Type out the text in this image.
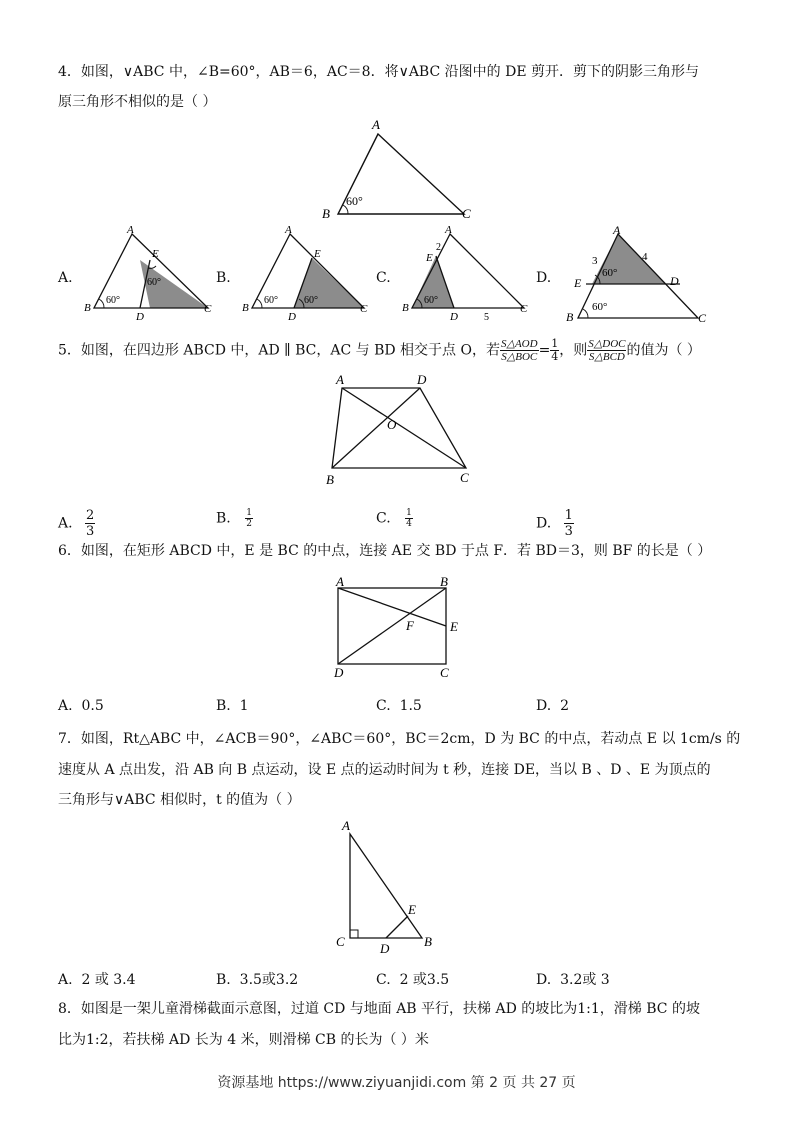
4．如图，∨ABC 中，∠B=60°，AB＝6，AC＝8．将∨ABC 沿图中的 DE 剪开．剪下的阴影三角形与
原三角形不相似的是（ ）
A
B	C
60°
A.
A
B	C
D
E
60°
60°	B.
A
B	C
D
E
60°	60°
C.
A
B	C
D
E
2
5
60°
D.
A
B	C
D
E
3	4
60°
60°
5．如图，在四边形 ABCD 中，AD ∥ BC，AC 与 BD 相交于点 O，若 $\frac{\text{S△AOD}}{\text{S△BOC}} = \frac{1}{4}$ ，则 $\frac{\text{S△DOC}}{\text{S△BCD}}$ 的值为（ ）
A	D
O
B	C
A. $\frac{2}{3}$	B. $\frac{1}{2}$	C. $\frac{1}{4}$	D. $\frac{1}{3}$
6．如图，在矩形 ABCD 中，E 是 BC 的中点，连接 AE 交 BD 于点 F．若 BD＝3，则 BF 的长是（ ）
A	B
E
F
D	C
A. 0.5	B. 1	C. 1.5	D. 2
7．如图，Rt△ABC 中，∠ACB＝90°，∠ABC＝60°，BC＝2cm，D 为 BC 的中点，若动点 E 以 1cm/s 的
速度从 A 点出发，沿 AB 向 B 点运动，设 E 点的运动时间为 t 秒，连接 DE，当以 B 、D 、E 为顶点的
三角形与∨ABC 相似时，t 的值为（ ）
A
C	D	B
E
A. 2 或 3.4	B. 3.5或3.2	C. 2 或3.5	D. 3.2或 3
8．如图是一架儿童滑梯截面示意图，过道 CD 与地面 AB 平行，扶梯 AD 的坡比为1:1，滑梯 BC 的坡
比为1:2，若扶梯 AD 长为 4 米，则滑梯 CB 的长为（ ）米
资源基地 https://www.ziyuanjidi.com 第 2 页 共 27 页
